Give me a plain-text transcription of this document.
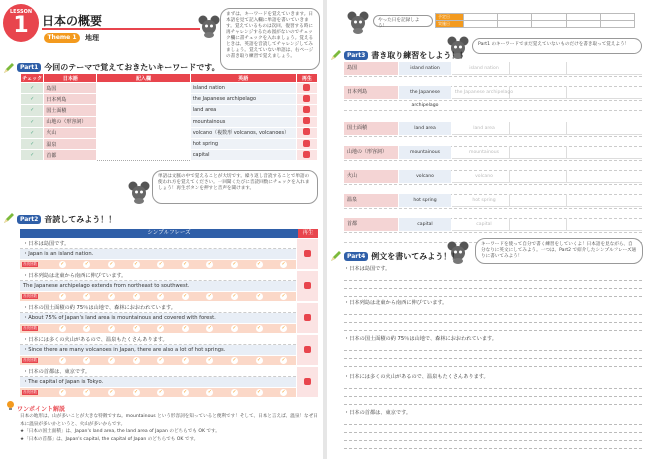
LESSON
1	日本の概要
Theme 1	地理
まずは、キーワードを覚えていきます。日本語を見て記入欄に単語を書いていきます。覚えているものは次回、復習する時に再チャレンジするため図がないのでチェック欄に書チェックを入れましょう。覚えるときは、英語を音読してチャレンジしてみましょう。覚えていない単語は、右ページの書き取り練習で覚えましょう。
Part1 今回のテーマで覚えておきたいキーワードです。
チェック	日本語	記入欄	英語	再生
✓	島国		island nation	
✓	日本列島		the Japanese archipelago	
✓	国土面積		land area	
✓	山地の（形容詞）		mountainous	
✓	火山		volcano（複数形 volcanos, volcanoes）	
✓	温泉		hot spring	
✓	首都		capital	
単語は文脈の中で覚えることが大切です。繰り返し音読することで単語の使われ方を覚えてください。一回聞くたびに音読回数にチェックを入れましょう！再生ボタンを押すと音声を聞けます。
Part2 音読してみよう！！
シンプルフレーズ	再生
・日本は島国です。
・Japan is an island nation.
音読回数	✓	✓	✓	✓	✓	✓	✓	✓	✓	✓
・日本列島は北東から南西に伸びています。
The Japanese archipelago extends from northeast to southwest.
音読回数	✓	✓	✓	✓	✓	✓	✓	✓	✓	✓
・日本の国土面積の約 75％は山地で、森林におおわれています。
・About 75% of Japan's land area is mountainous and covered with forest.
音読回数	✓	✓	✓	✓	✓	✓	✓	✓	✓	✓
・日本には多くの火山があるので、温泉もたくさんあります。
・Since there are many volcanoes in Japan, there are also a lot of hot springs.
音読回数	✓	✓	✓	✓	✓	✓	✓	✓	✓	✓
・日本の首都は、東京です。
・The capital of Japan is Tokyo.
音読回数	✓	✓	✓	✓	✓	✓	✓	✓	✓	✓
ワンポイント解説
日本の地形は、山が多いことが大きな特徴ですね。mountainous という形容詞を知っていると便利です！そして、日本と言えば、温泉！なぜ日本に温泉が多いかというと、火山が多いからです。
★「日本の国土面積」は、Japan's land area, the land area of Japan のどちらでも OK です。
★「日本の首都」は、Japan's capital, the capital of Japan のどちらでも OK です。
やった日を記録しよう！
予定日					
実施日					
Part1 のキーワードでまだ覚えていないものだけを書き取って覚えよう！
Part3 書き取り練習をしよう！！
島国	island nation	island nation
日本列島	the Japanese archipelago
the Japanese archipelago
国土面積	land area	land area
山地の（形容詞）	mountainous	mountainous
火山	volcano	volcano
温泉	hot spring	hot spring
首都	capital	capital
キーワードを使って自分で書く練習をしていくよ！日本語を見ながら、自分なりに英文にしてみよう。一つは、Part2 で紹介したシンプルフレーズ通りに書いてみよう！
Part4 例文を書いてみよう！！
・日本は島国です。
・日本列島は北東から南西に伸びています。
・日本の国土面積の約 75％は山地で、森林におおわれています。
・日本には多くの火山があるので、温泉もたくさんあります。
・日本の首都は、東京です。
